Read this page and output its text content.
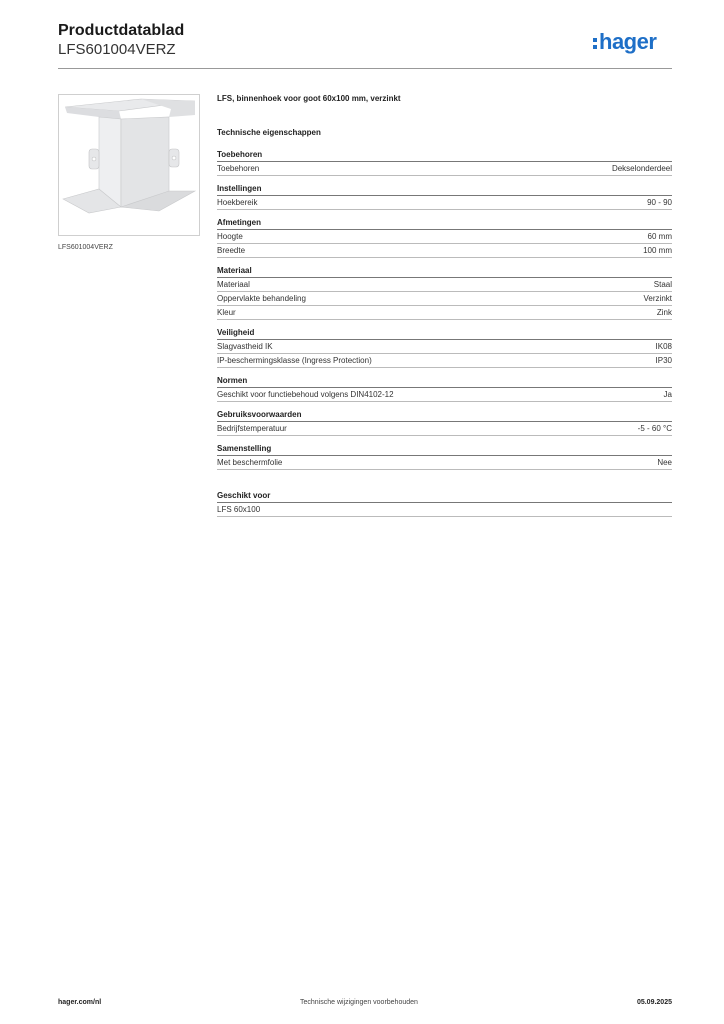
Productdatablad
LFS601004VERZ	hager
LFS601004VERZ
LFS, binnenhoek voor goot 60x100 mm, verzinkt
Technische eigenschappen
Toebehoren
Toebehoren	Dekselonderdeel
Instellingen
Hoekbereik	90 - 90
Afmetingen
Hoogte	60 mm
Breedte	100 mm
Materiaal
Materiaal	Staal
Oppervlakte behandeling	Verzinkt
Kleur	Zink
Veiligheid
Slagvastheid IK	IK08
IP-beschermingsklasse (Ingress Protection)	IP30
Normen
Geschikt voor functiebehoud volgens DIN4102-12	Ja
Gebruiksvoorwaarden
Bedrijfstemperatuur	-5 - 60 °C
Samenstelling
Met beschermfolie	Nee
Geschikt voor
LFS 60x100
hager.com/nl	Technische wijzigingen voorbehouden	05.09.2025
